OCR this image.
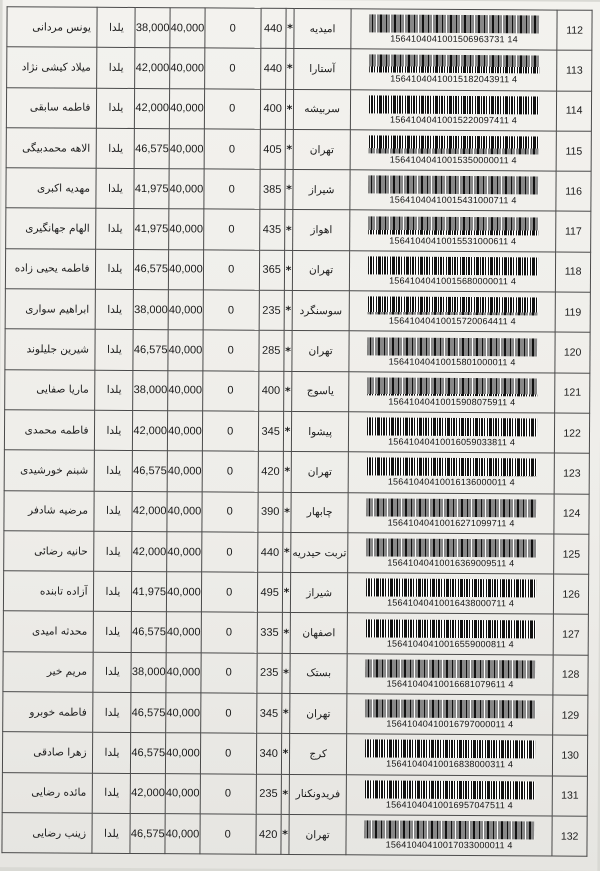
یونس مردانی	یلدا	38,000	40,000	0	440	*	امیدیه	1564104041001506963731 14	112
میلاد کیشی نژاد	یلدا	42,000	40,000	0	440	*	آستارا	15641040410015182043911 4	113
فاطمه سابقی	یلدا	42,000	40,000	0	400	*	سربیشه	15641040410015220097411 4	114
الاهه محمدبیگی	یلدا	46,575	40,000	0	405	*	تهران	15641040410015350000011 4	115
مهدیه اکبری	یلدا	41,975	40,000	0	385	*	شیراز	15641040410015431000711 4	116
الهام جهانگیری	یلدا	41,975	40,000	0	435	*	اهواز	15641040410015531000611 4	117
فاطمه یحیی زاده	یلدا	46,575	40,000	0	365	*	تهران	15641040410015680000011 4	118
ابراهیم سواری	یلدا	38,000	40,000	0	235	*	سوسنگرد	15641040410015720064411 4	119
شیرین جلیلوند	یلدا	46,575	40,000	0	285	*	تهران	15641040410015801000011 4	120
ماریا صفایی	یلدا	38,000	40,000	0	400	*	یاسوج	15641040410015908075911 4	121
فاطمه محمدی	یلدا	42,000	40,000	0	345	*	پیشوا	15641040410016059033811 4	122
شبنم خورشیدی	یلدا	46,575	40,000	0	420	*	تهران	15641040410016136000011 4	123
مرضیه شادفر	یلدا	42,000	40,000	0	390	*	چابهار	15641040410016271099711 4	124
حانیه رضائی	یلدا	42,000	40,000	0	440	*	تربت حیدریه	15641040410016369009511 4	125
آزاده تابنده	یلدا	41,975	40,000	0	495	*	شیراز	15641040410016438000711 4	126
محدثه امیدی	یلدا	46,575	40,000	0	335	*	اصفهان	15641040410016559000811 4	127
مریم خیر	یلدا	38,000	40,000	0	235	*	بستک	15641040410016681079611 4	128
فاطمه خوبرو	یلدا	46,575	40,000	0	345	*	تهران	15641040410016797000011 4	129
زهرا صادقی	یلدا	46,575	40,000	0	340	*	کرج	15641040410016838000311 4	130
مائده رضایی	یلدا	42,000	40,000	0	235	*	فریدونکنار	15641040410016957047511 4	131
زینب رضایی	یلدا	46,575	40,000	0	420	*	تهران	15641040410017033000011 4	132
